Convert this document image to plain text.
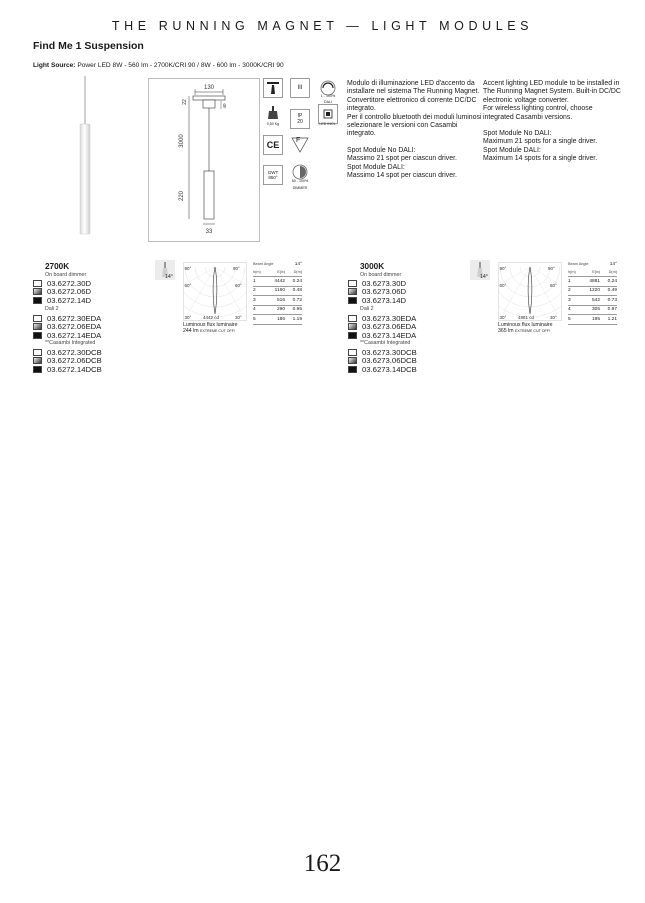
THE RUNNING MAGNET — LIGHT MODULES
Find Me 1 Suspension
Light Source: Power LED 8W - 560 lm - 2700K/CRI 90 / 8W - 600 lm - 3000K/CRI 90
130
22
40
3000
220
33
III
1 - 100%
DALI
0,50 Kg
IP
20	LED INCL.
CE F
GWT
850°
50 - 100%
DIMMER

Modulo di illuminazione LED d'accento da installare nel sistema The Running Magnet. Convertitore elettronico di corrente DC/DC integrato.

Per il controllo bluetooth dei moduli luminosi selezionare le versioni con Casambi integrato.

Spot Module No DALI:

Massimo 21 spot per ciascun driver.

Spot Module DALI:

Massimo 14 spot per ciascun driver.

Accent lighting LED module to be installed in The Running Magnet System. Built-in DC/DC electronic voltage converter.

For wireless lighting control, choose integrated Casambi versions.

Spot Module No DALI:

Maximum 21 spots for a single driver.

Spot Module DALI:

Maximum 14 spots for a single driver.

2700K
On board dimmer
03.6272.30D
03.6272.06D
03.6272.14D
Dali 2
03.6272.30EDA
03.6272.06EDA
03.6272.14EDA
**Casambi Integrated
03.6272.30DCB
03.6272.06DCB
03.6272.14DCB
14°
90°	90°
60°	60°
30°	30°
4442 cd
Luminous flux luminaire
244 lm EXTREME CUT OFF!
Beam Angle	14°
h(m)	E(lx)	D(m)
1	4442	0.24
2	1160	0.48
3	516	0.72
4	290	0.95
5	186	1.19
3000K
On board dimmer
03.6273.30D
03.6273.06D
03.6273.14D
Dali 2
03.6273.30EDA
03.6273.06EDA
03.6273.14EDA
**Casambi Integrated
03.6273.30DCB
03.6273.06DCB
03.6273.14DCB
14°
90°	90°
60°	60°
30°	30°
4881 cd
Luminous flux luminaire
365 lm EXTREME CUT OFF!
Beam Angle	14°
h(m)	E(lx)	D(m)
1	4881	0.24
2	1220	0.49
3	542	0.73
4	305	0.97
5	195	1.21
162
